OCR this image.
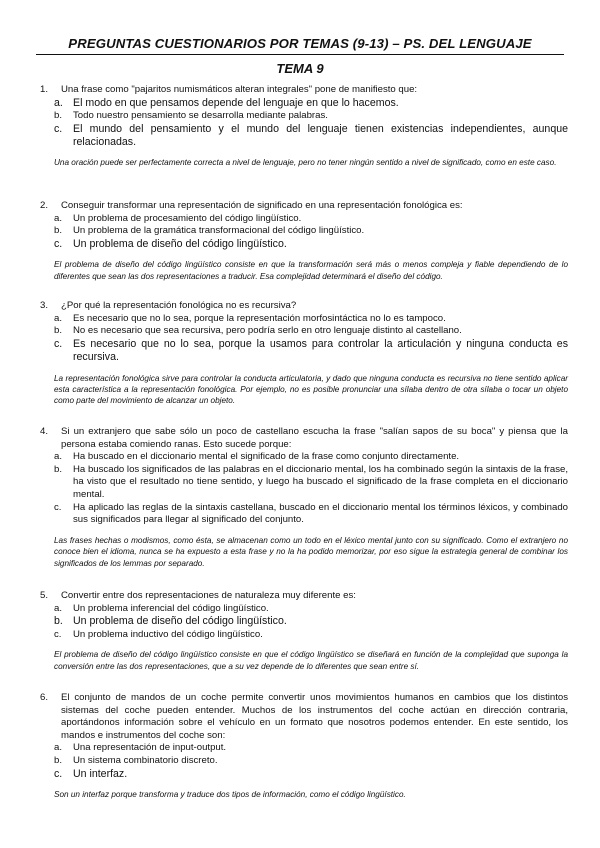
PREGUNTAS CUESTIONARIOS POR TEMAS (9-13) – PS. DEL LENGUAJE
TEMA 9
1.	Una frase como "pajaritos numismáticos alteran integrales" pone de manifiesto que:
a. El modo en que pensamos depende del lenguaje en que lo hacemos.
b.	Todo nuestro pensamiento se desarrolla mediante palabras.
c.	El mundo del pensamiento y el mundo del lenguaje tienen existencias independientes, aunque relacionadas.
Una oración puede ser perfectamente correcta a nivel de lenguaje, pero no tener ningún sentido a nivel de significado, como en este caso.
2.	Conseguir transformar una representación de significado en una representación fonológica es:
a.	Un problema de procesamiento del código lingüístico.
b.	Un problema de la gramática transformacional del código lingüístico.
c.	Un problema de diseño del código lingüístico.
El problema de diseño del código lingüístico consiste en que la transformación será más o menos compleja y fiable dependiendo de lo diferentes que sean las dos representaciones a traducir. Esa complejidad determinará el diseño del código.
3.	¿Por qué la representación fonológica no es recursiva?
a.	Es necesario que no lo sea, porque la representación morfosintáctica no lo es tampoco.
b.	No es necesario que sea recursiva, pero podría serlo en otro lenguaje distinto al castellano.
c.	Es necesario que no lo sea, porque la usamos para controlar la articulación y ninguna conducta es recursiva.
La representación fonológica sirve para controlar la conducta articulatoria, y dado que ninguna conducta es recursiva no tiene sentido aplicar esta característica a la representación fonológica. Por ejemplo, no es posible pronunciar una sílaba dentro de otra sílaba o tocar un objeto como parte del movimiento de alcanzar un objeto.
4.	Si un extranjero que sabe sólo un poco de castellano escucha la frase "salían sapos de su boca" y piensa que la persona estaba comiendo ranas. Esto sucede porque:
a.	Ha buscado en el diccionario mental el significado de la frase como conjunto directamente.
b.	Ha buscado los significados de las palabras en el diccionario mental, los ha combinado según la sintaxis de la frase, ha visto que el resultado no tiene sentido, y luego ha buscado el significado de la frase completa en el diccionario mental.
c.	Ha aplicado las reglas de la sintaxis castellana, buscado en el diccionario mental los términos léxicos, y combinado sus significados para llegar al significado del conjunto.
Las frases hechas o modismos, como ésta, se almacenan como un todo en el léxico mental junto con su significado. Como el extranjero no conoce bien el idioma, nunca se ha expuesto a esta frase y no la ha podido memorizar, por eso sigue la estrategia general de combinar los significados de los lemmas por separado.
5.	Convertir entre dos representaciones de naturaleza muy diferente es:
a.	Un problema inferencial del código lingüístico.
b. Un problema de diseño del código lingüístico.
c.	Un problema inductivo del código lingüístico.
El problema de diseño del código lingüístico consiste en que el código lingüístico se diseñará en función de la complejidad que suponga la conversión entre las dos representaciones, que a su vez depende de lo diferentes que sean entre sí.
6.	El conjunto de mandos de un coche permite convertir unos movimientos humanos en cambios que los distintos sistemas del coche pueden entender. Muchos de los instrumentos del coche actúan en dirección contraria, aportándonos información sobre el vehículo en un formato que nosotros podemos entender. En este sentido, los mandos e instrumentos del coche son:
a.	Una representación de input-output.
b.	Un sistema combinatorio discreto.
c.	Un interfaz.
Son un interfaz porque transforma y traduce dos tipos de información, como el código lingüístico.
